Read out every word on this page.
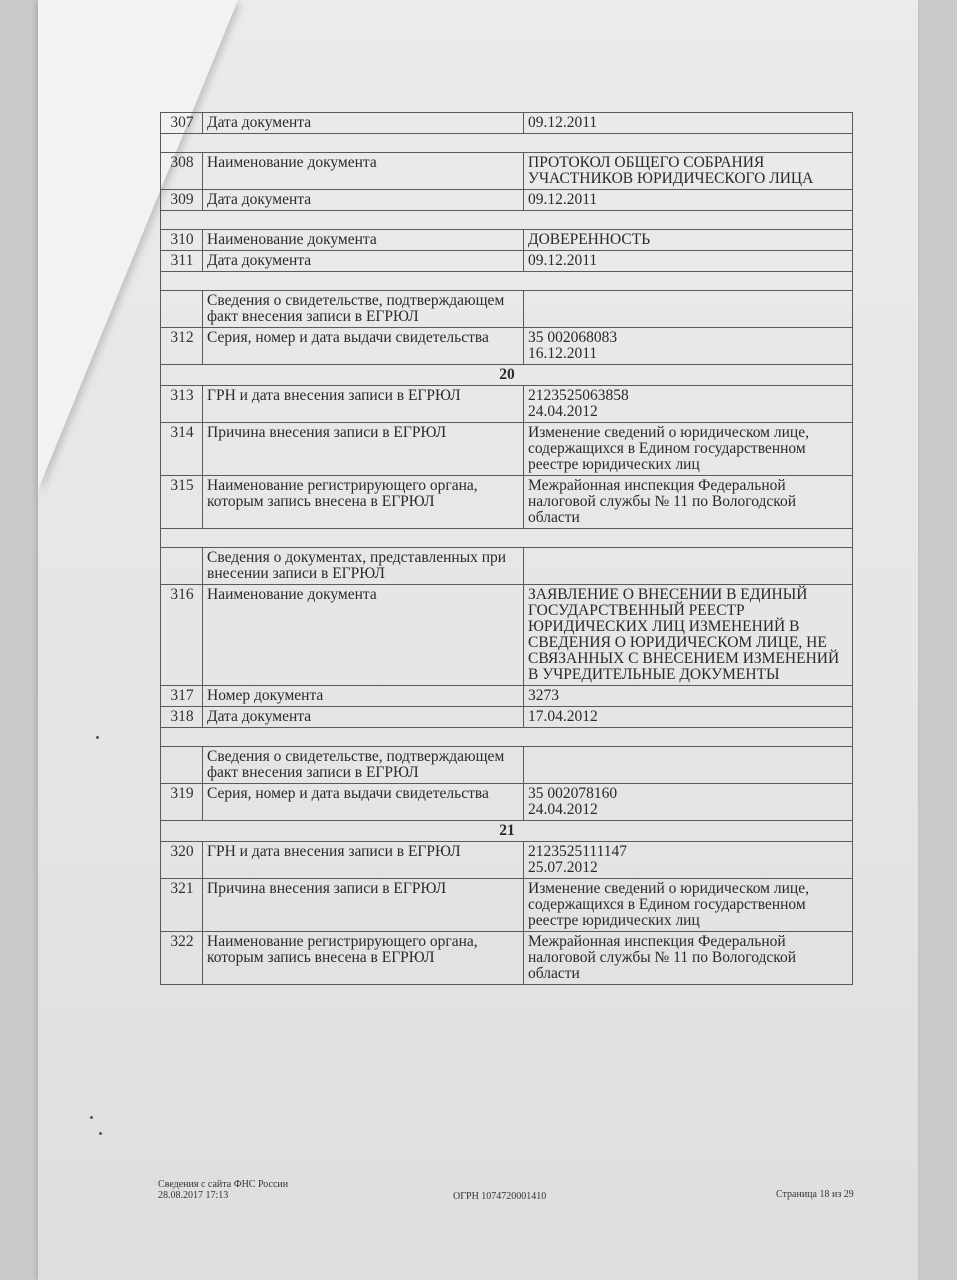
307	Дата документа	09.12.2011

308	Наименование документа	ПРОТОКОЛ ОБЩЕГО СОБРАНИЯ УЧАСТНИКОВ ЮРИДИЧЕСКОГО ЛИЦА
309	Дата документа	09.12.2011

310	Наименование документа	ДОВЕРЕННОСТЬ
311	Дата документа	09.12.2011

	Сведения о свидетельстве, подтверждающем факт внесения записи в ЕГРЮЛ	
312	Серия, номер и дата выдачи свидетельства	35 002068083
16.12.2011
20		
313	ГРН и дата внесения записи в ЕГРЮЛ	2123525063858
24.04.2012
314	Причина внесения записи в ЕГРЮЛ	Изменение сведений о юридическом лице, содержащихся в Едином государственном реестре юридических лиц
315	Наименование регистрирующего органа, которым запись внесена в ЕГРЮЛ	Межрайонная инспекция Федеральной налоговой службы № 11 по Вологодской области

	Сведения о документах, представленных при внесении записи в ЕГРЮЛ	
316	Наименование документа	ЗАЯВЛЕНИЕ О ВНЕСЕНИИ В ЕДИНЫЙ ГОСУДАРСТВЕННЫЙ РЕЕСТР ЮРИДИЧЕСКИХ ЛИЦ ИЗМЕНЕНИЙ В СВЕДЕНИЯ О ЮРИДИЧЕСКОМ ЛИЦЕ, НЕ СВЯЗАННЫХ С ВНЕСЕНИЕМ ИЗМЕНЕНИЙ В УЧРЕДИТЕЛЬНЫЕ ДОКУМЕНТЫ
317	Номер документа	3273
318	Дата документа	17.04.2012

	Сведения о свидетельстве, подтверждающем факт внесения записи в ЕГРЮЛ	
319	Серия, номер и дата выдачи свидетельства	35 002078160
24.04.2012
21		
320	ГРН и дата внесения записи в ЕГРЮЛ	2123525111147
25.07.2012
321	Причина внесения записи в ЕГРЮЛ	Изменение сведений о юридическом лице, содержащихся в Едином государственном реестре юридических лиц
322	Наименование регистрирующего органа, которым запись внесена в ЕГРЮЛ	Межрайонная инспекция Федеральной налоговой службы № 11 по Вологодской области
Сведения с сайта ФНС России
28.08.2017 17:13	ОГРН 1074720001410	Страница 18 из 29
